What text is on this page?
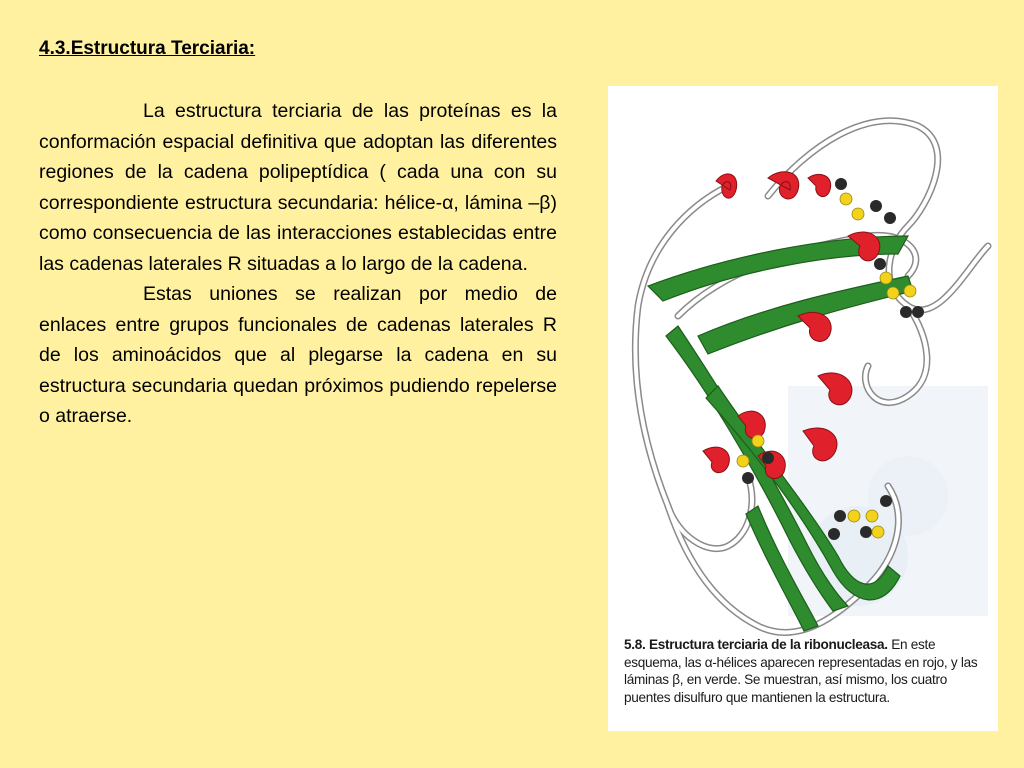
4.3.Estructura Terciaria:

La estructura terciaria de las proteínas es la conformación espacial definitiva que adoptan las diferentes regiones de la cadena polipeptídica ( cada una con su correspondiente estructura secundaria: hélice-α, lámina –β) como consecuencia de las interacciones establecidas entre las cadenas laterales R situadas a lo largo de la cadena.

Estas uniones se realizan por medio de enlaces entre grupos funcionales de cadenas laterales R de los aminoácidos que al plegarse la cadena en su estructura secundaria quedan próximos pudiendo repelerse o atraerse.

5.8. Estructura terciaria de la ribonucleasa. En este esquema, las α-hélices aparecen representadas en rojo, y las láminas β, en verde. Se muestran, así mismo, los cuatro puentes disulfuro que mantienen la estructura.
